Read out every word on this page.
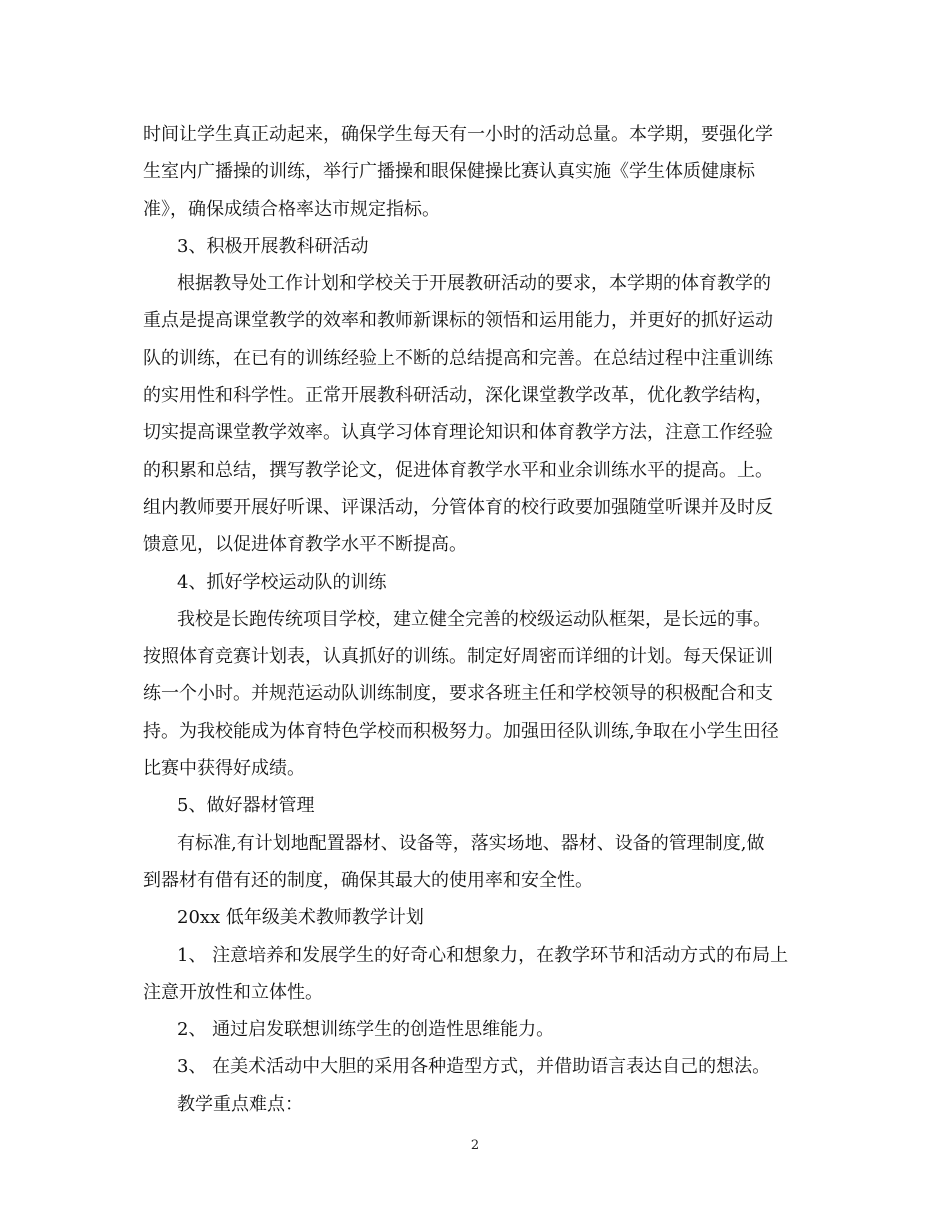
时间让学生真正动起来，确保学生每天有一小时的活动总量。本学期，要强化学
生室内广播操的训练，举行广播操和眼保健操比赛认真实施《学生体质健康标
准》，确保成绩合格率达市规定指标。
3、积极开展教科研活动
根据教导处工作计划和学校关于开展教研活动的要求，本学期的体育教学的
重点是提高课堂教学的效率和教师新课标的领悟和运用能力，并更好的抓好运动
队的训练，在已有的训练经验上不断的总结提高和完善。在总结过程中注重训练
的实用性和科学性。正常开展教科研活动，深化课堂教学改革，优化教学结构，
切实提高课堂教学效率。认真学习体育理论知识和体育教学方法，注意工作经验
的积累和总结，撰写教学论文，促进体育教学水平和业余训练水平的提高。上。
组内教师要开展好听课、评课活动，分管体育的校行政要加强随堂听课并及时反
馈意见，以促进体育教学水平不断提高。
4、抓好学校运动队的训练
我校是长跑传统项目学校，建立健全完善的校级运动队框架，是长远的事。
按照体育竞赛计划表，认真抓好的训练。制定好周密而详细的计划。每天保证训
练一个小时。并规范运动队训练制度，要求各班主任和学校领导的积极配合和支
持。为我校能成为体育特色学校而积极努力。加强田径队训练,争取在小学生田径
比赛中获得好成绩。
5、做好器材管理
有标准,有计划地配置器材、设备等，落实场地、器材、设备的管理制度,做
到器材有借有还的制度，确保其最大的使用率和安全性。
20xx 低年级美术教师教学计划
1、 注意培养和发展学生的好奇心和想象力，在教学环节和活动方式的布局上
注意开放性和立体性。
2、 通过启发联想训练学生的创造性思维能力。
3、 在美术活动中大胆的采用各种造型方式，并借助语言表达自己的想法。
教学重点难点：
2
